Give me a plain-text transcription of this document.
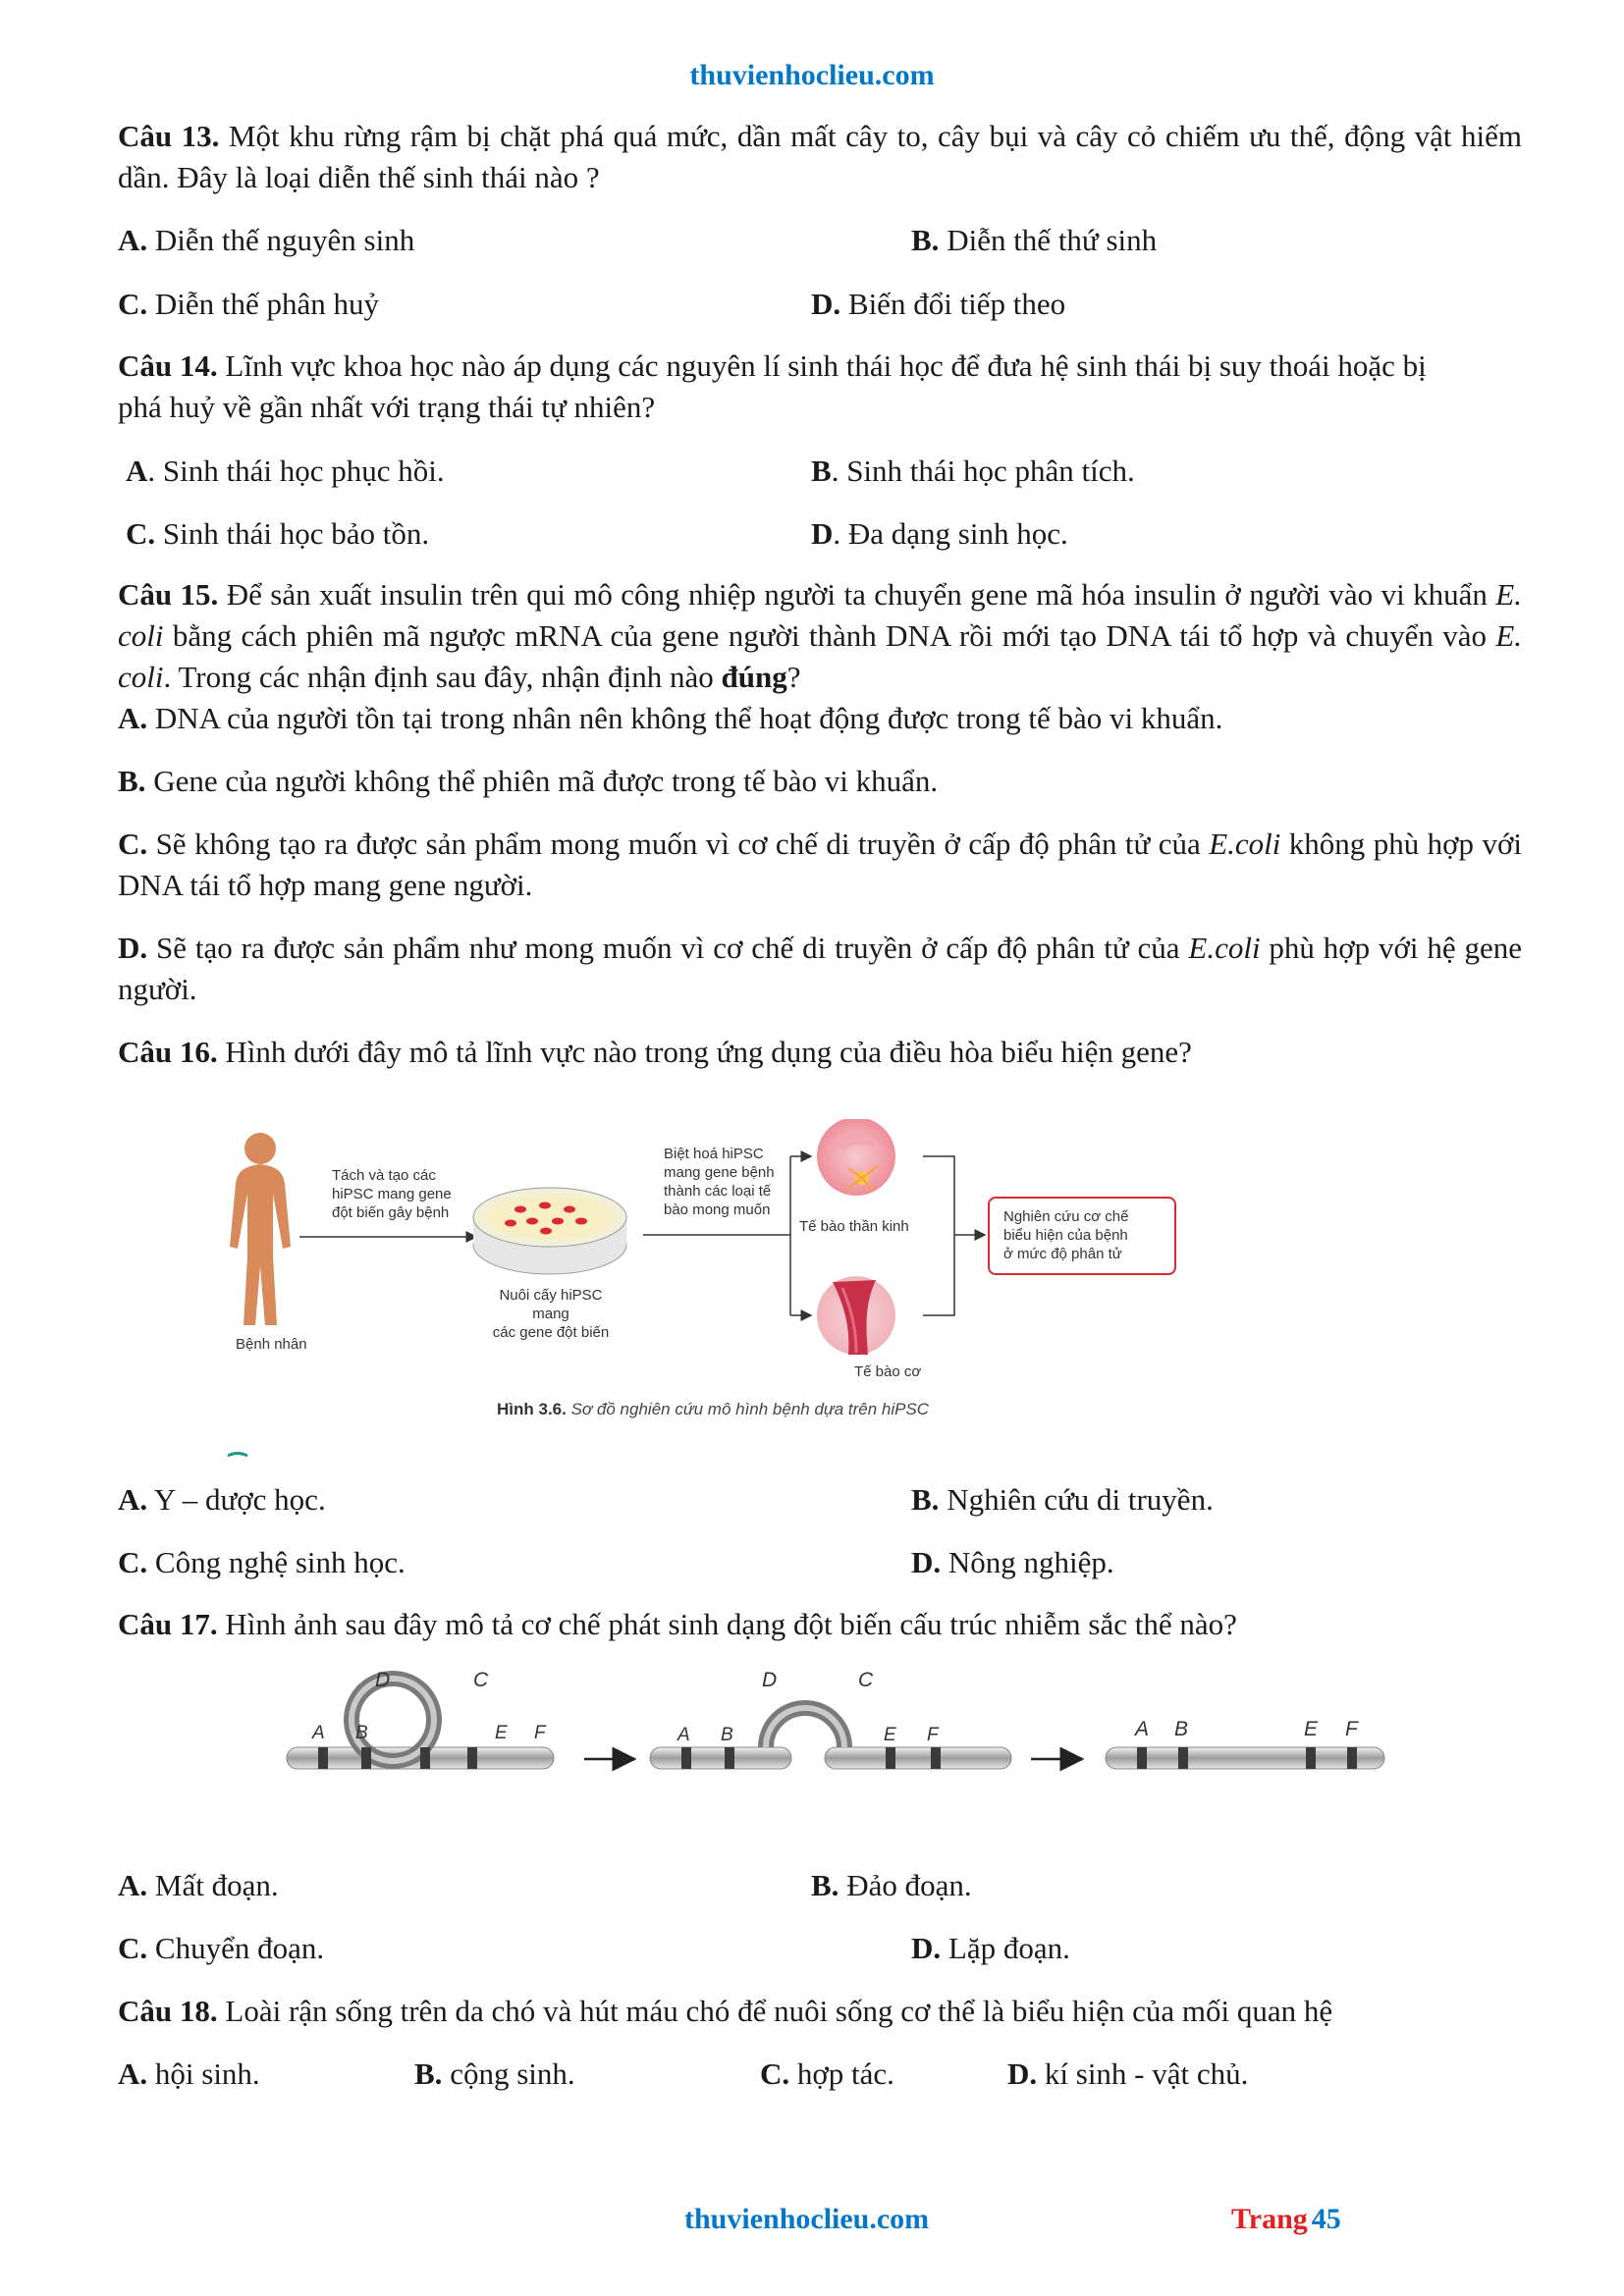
thuvienhoclieu.com
Câu 13. Một khu rừng rậm bị chặt phá quá mức, dần mất cây to, cây bụi và cây cỏ chiếm ưu thế, động vật hiếm dần. Đây là loại diễn thế sinh thái nào ?
A. Diễn thế nguyên sinh	B. Diễn thế thứ sinh
C. Diễn thế phân huỷ	D. Biến đổi tiếp theo
Câu 14. Lĩnh vực khoa học nào áp dụng các nguyên lí sinh thái học để đưa hệ sinh thái bị suy thoái hoặc bị phá huỷ về gần nhất với trạng thái tự nhiên?
A. Sinh thái học phục hồi.	B. Sinh thái học phân tích.
C. Sinh thái học bảo tồn.	D. Đa dạng sinh học.
Câu 15. Để sản xuất insulin trên qui mô công nhiệp người ta chuyển gene mã hóa insulin ở người vào vi khuẩn E. coli bằng cách phiên mã ngược mRNA của gene người thành DNA rồi mới tạo DNA tái tổ hợp và chuyển vào E. coli. Trong các nhận định sau đây, nhận định nào đúng?
A. DNA của người tồn tại trong nhân nên không thể hoạt động được trong tế bào vi khuẩn.
B. Gene của người không thể phiên mã được trong tế bào vi khuẩn.
C. Sẽ không tạo ra được sản phẩm mong muốn vì cơ chế di truyền ở cấp độ phân tử của E.coli không phù hợp với DNA tái tổ hợp mang gene người.
D. Sẽ tạo ra được sản phẩm như mong muốn vì cơ chế di truyền ở cấp độ phân tử của E.coli phù hợp với hệ gene người.
Câu 16. Hình dưới đây mô tả lĩnh vực nào trong ứng dụng của điều hòa biểu hiện gene?
Bệnh nhân
Tách và tạo các
hiPSC mang gene
đột biến gây bệnh
Nuôi cấy hiPSC mang
các gene đột biến
Biệt hoá hiPSC
mang gene bệnh
thành các loại tế
bào mong muốn
Tế bào thần kinh
Tế bào cơ
Nghiên cứu cơ chế
biểu hiện của bệnh
ở mức độ phân tử
Hình 3.6. Sơ đồ nghiên cứu mô hình bệnh dựa trên hiPSC
A. Y – dược học.	B. Nghiên cứu di truyền.
C. Công nghệ sinh học.	D. Nông nghiệp.
Câu 17. Hình ảnh sau đây mô tả cơ chế phát sinh dạng đột biến cấu trúc nhiễm sắc thể nào?
A B
D	C
E F	A B
D	C
E F	A B	E F
A. Mất đoạn.	B. Đảo đoạn.
C. Chuyển đoạn.	D. Lặp đoạn.
Câu 18. Loài rận sống trên da chó và hút máu chó để nuôi sống cơ thể là biểu hiện của mối quan hệ
A. hội sinh.	B. cộng sinh.	C. hợp tác.	D. kí sinh - vật chủ.
thuvienhoclieu.com	Trang 45
